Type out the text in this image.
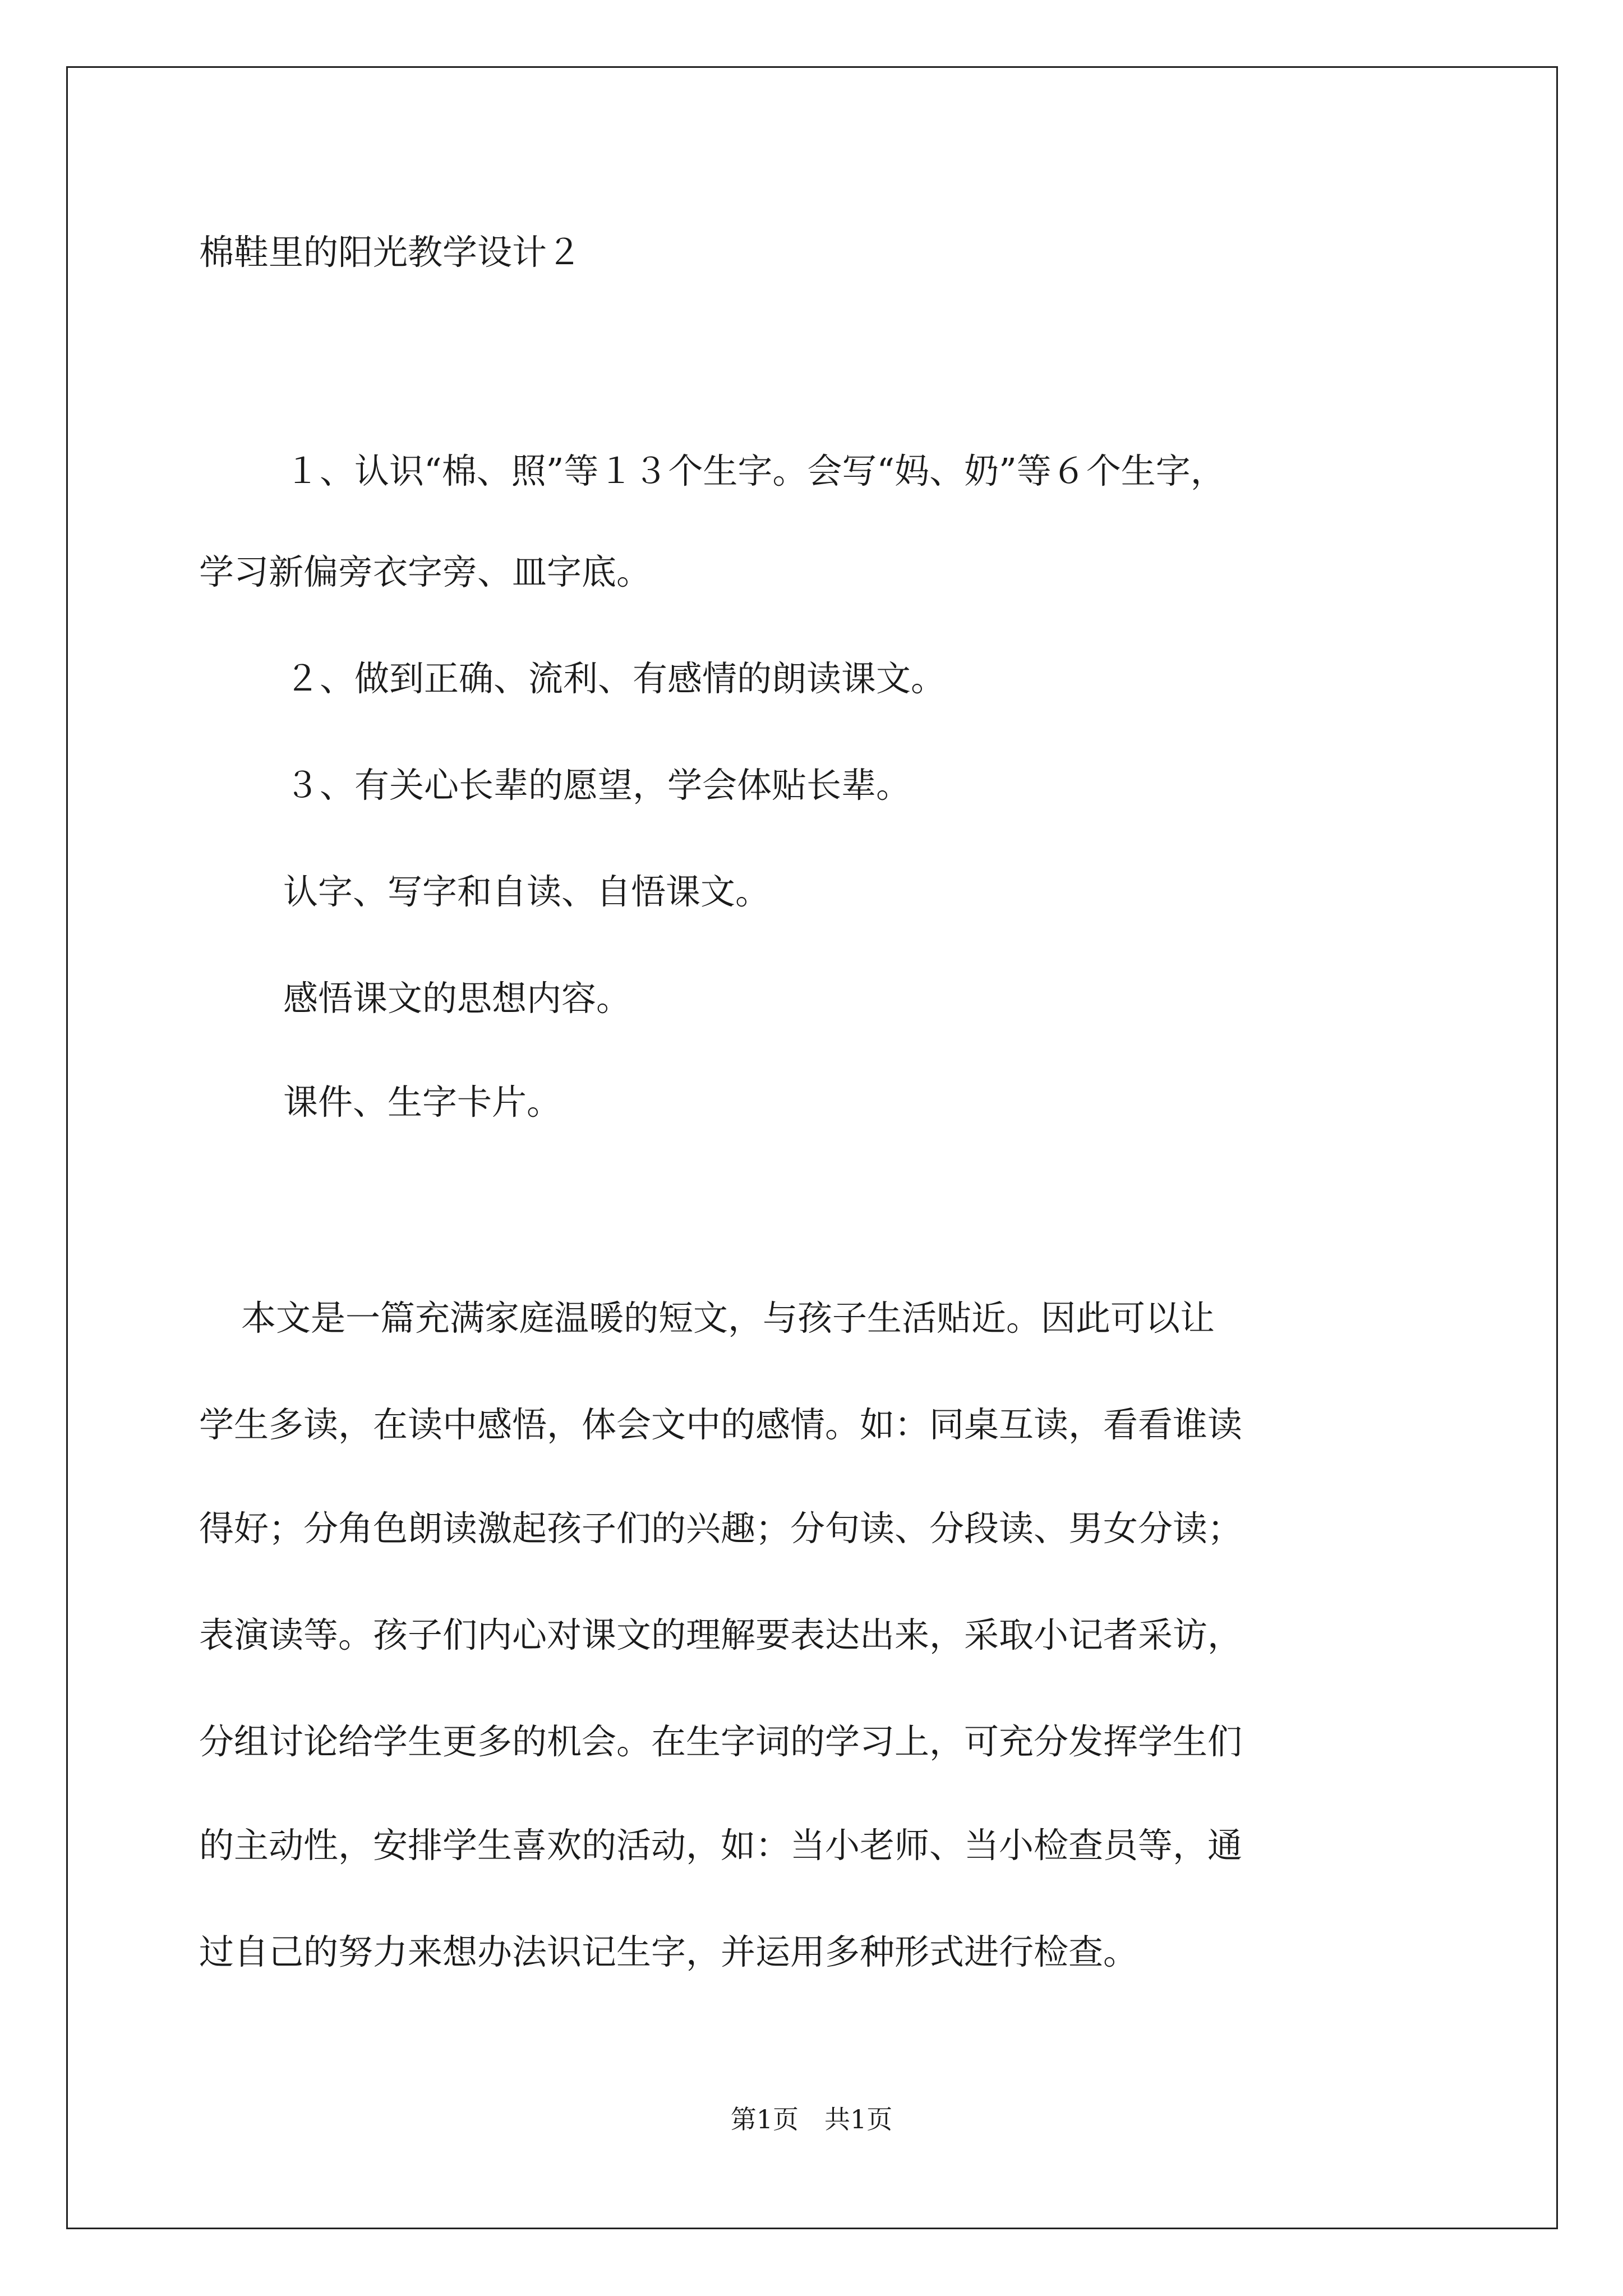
棉鞋里的阳光教学设计２
１、认识“棉、照”等１３个生字。会写“妈、奶”等６个生字，
学习新偏旁衣字旁、皿字底。
２、做到正确、流利、有感情的朗读课文。
３、有关心长辈的愿望，学会体贴长辈。
认字、写字和自读、自悟课文。
感悟课文的思想内容。
课件、生字卡片。
本文是一篇充满家庭温暖的短文，与孩子生活贴近。因此可以让
学生多读，在读中感悟，体会文中的感情。如：同桌互读，看看谁读
得好；分角色朗读激起孩子们的兴趣；分句读、分段读、男女分读；
表演读等。孩子们内心对课文的理解要表达出来，采取小记者采访，
分组讨论给学生更多的机会。在生字词的学习上，可充分发挥学生们
的主动性，安排学生喜欢的活动，如：当小老师、当小检查员等，通
过自己的努力来想办法识记生字，并运用多种形式进行检查。
第1页　共1页
